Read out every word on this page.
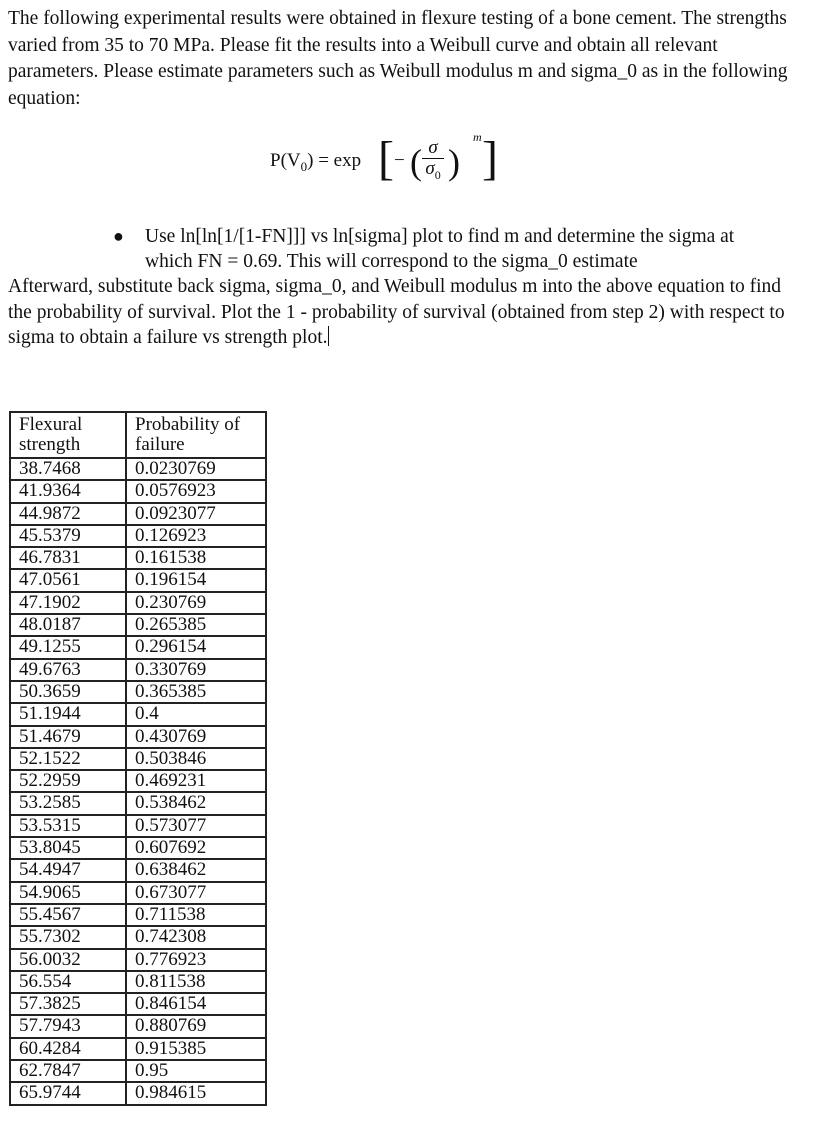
The following experimental results were obtained in flexure testing of a bone cement. The strengths varied from 35 to 70 MPa. Please fit the results into a Weibull curve and obtain all relevant parameters. Please estimate parameters such as Weibull modulus m and sigma_0 as in the following equation:

$P(V_0) = \exp$ [ − ( σ
$\sigma_0$ )
m ]
● Use ln[ln[1/[1-FN]]] vs ln[sigma] plot to find m and determine the sigma at which FN = 0.69. This will correspond to the sigma_0 estimate

Afterward, substitute back sigma, sigma_0, and Weibull modulus m into the above equation to find the probability of survival. Plot the 1 - probability of survival (obtained from step 2) with respect to sigma to obtain a failure vs strength plot.

Flexural strength	Probability of failure
38.7468	0.0230769
41.9364	0.0576923
44.9872	0.0923077
45.5379	0.126923
46.7831	0.161538
47.0561	0.196154
47.1902	0.230769
48.0187	0.265385
49.1255	0.296154
49.6763	0.330769
50.3659	0.365385
51.1944	0.4
51.4679	0.430769
52.1522	0.503846
52.2959	0.469231
53.2585	0.538462
53.5315	0.573077
53.8045	0.607692
54.4947	0.638462
54.9065	0.673077
55.4567	0.711538
55.7302	0.742308
56.0032	0.776923
56.554	0.811538
57.3825	0.846154
57.7943	0.880769
60.4284	0.915385
62.7847	0.95
65.9744	0.984615
